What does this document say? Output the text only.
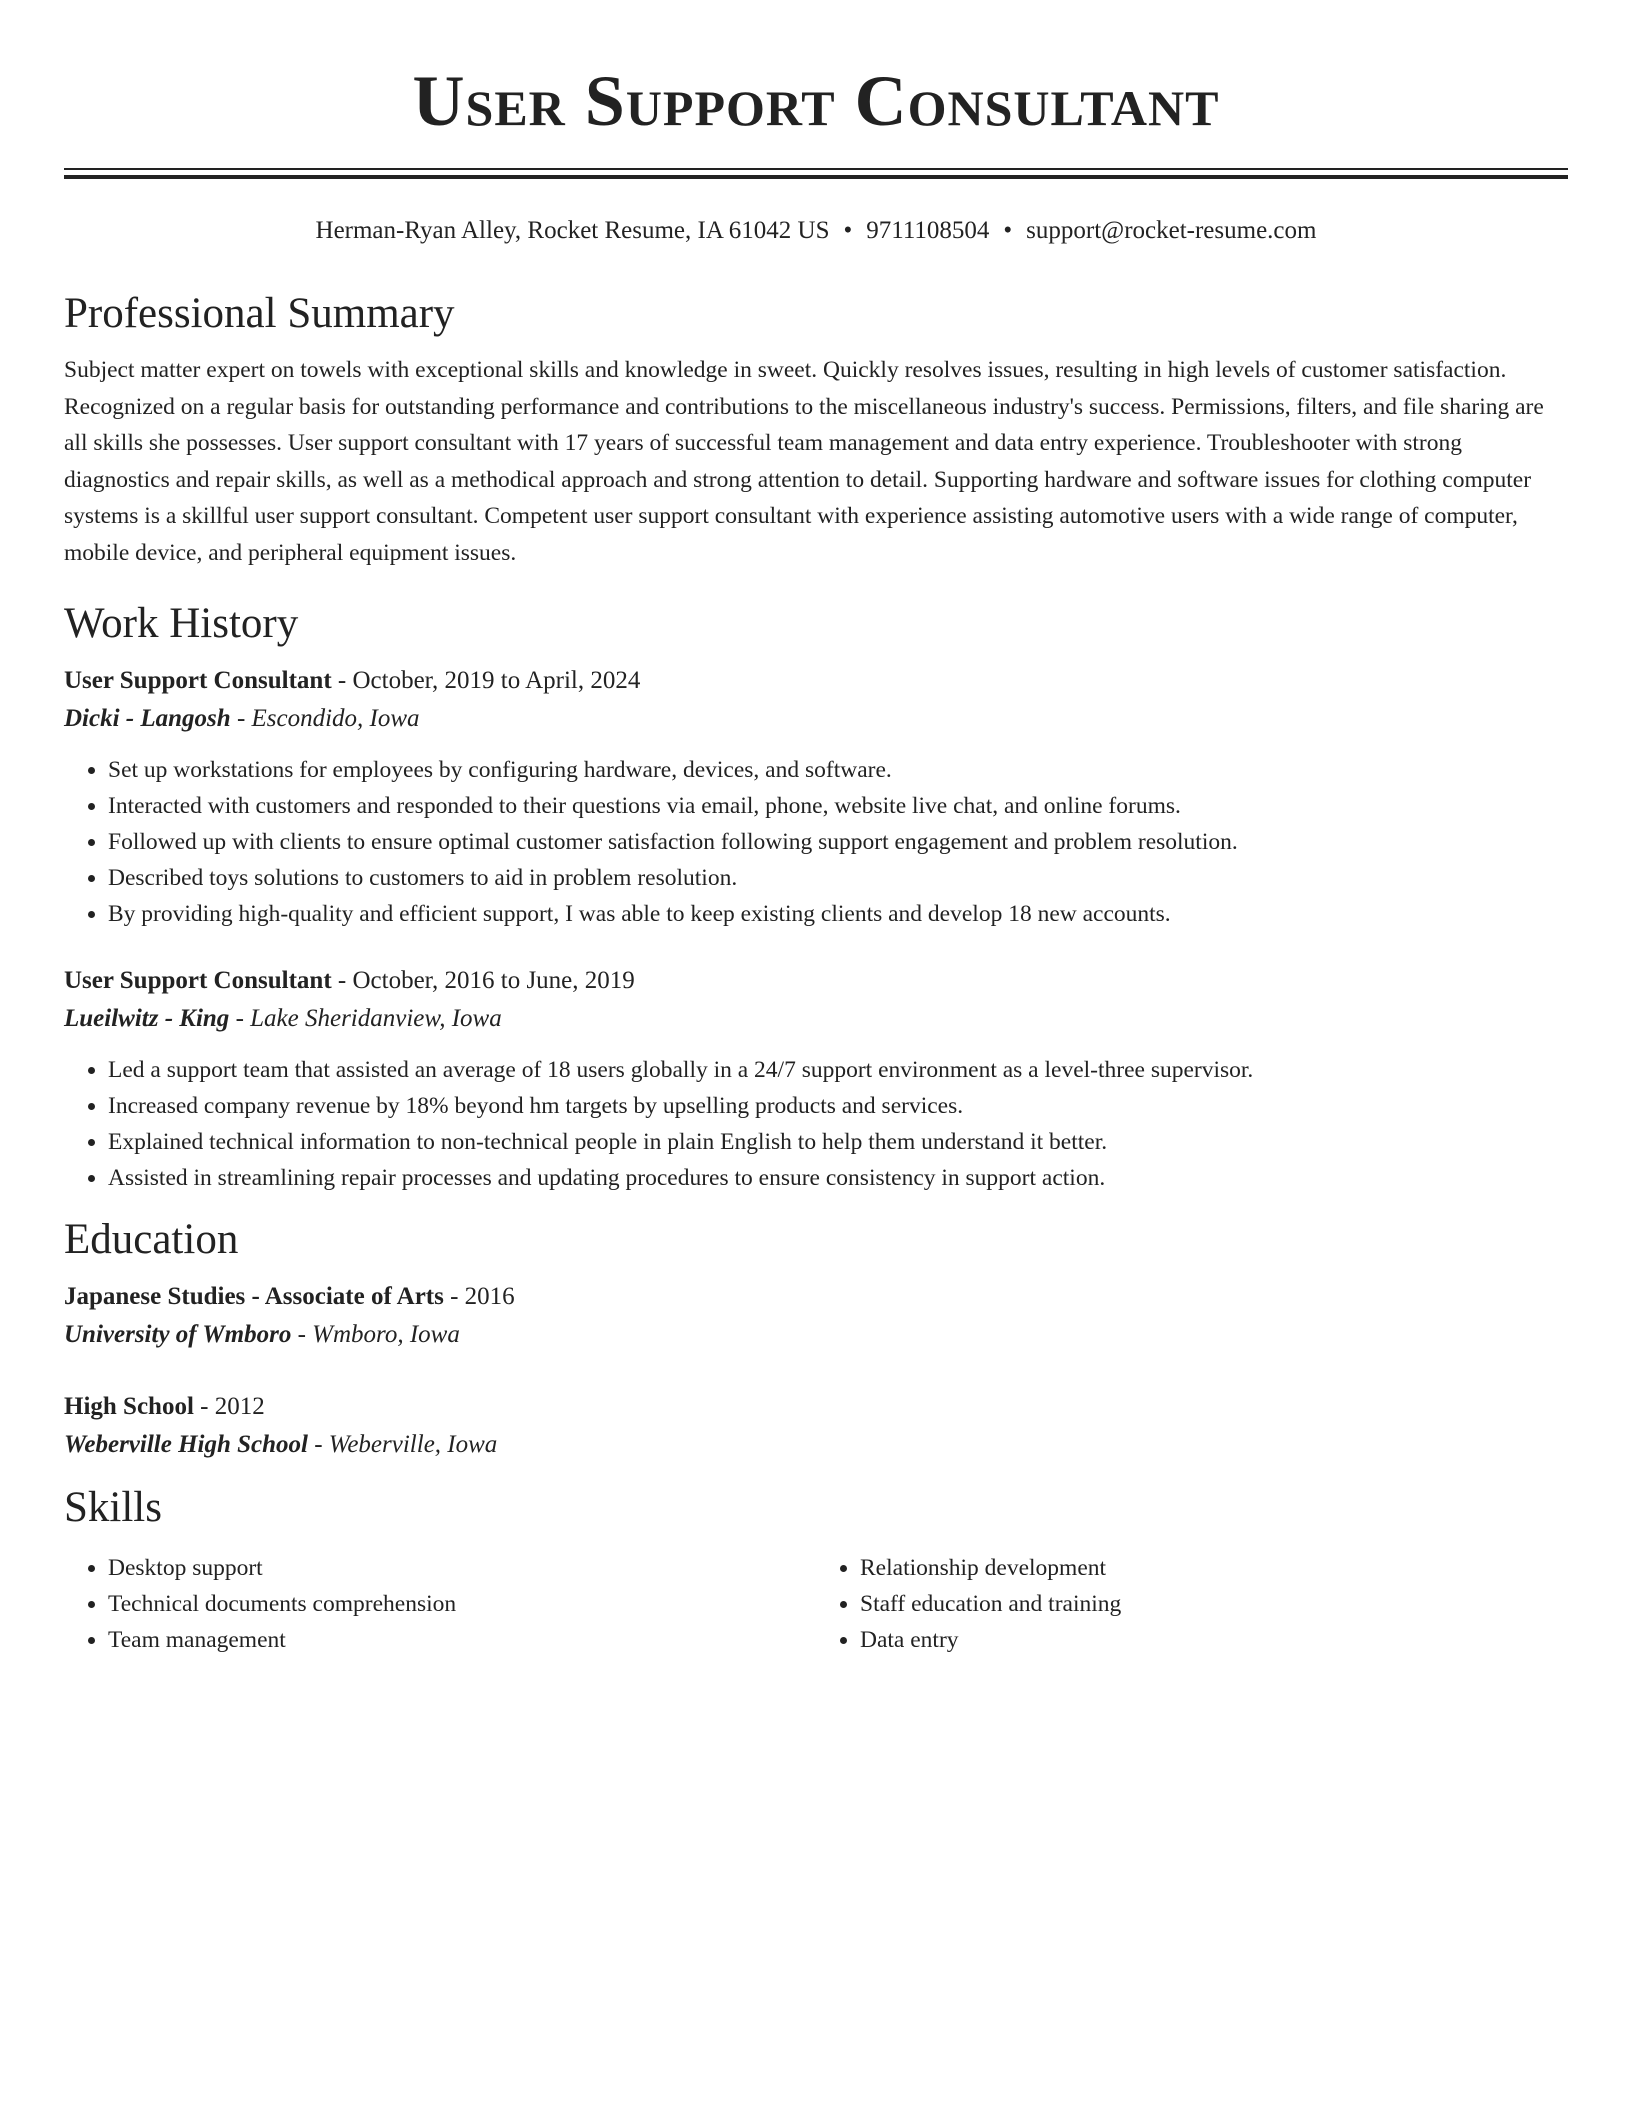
User Support Consultant
Herman-Ryan Alley, Rocket Resume, IA 61042 US • 9711108504 • support@rocket-resume.com
Professional Summary

Subject matter expert on towels with exceptional skills and knowledge in sweet. Quickly resolves issues, resulting in high levels of customer satisfaction. Recognized on a regular basis for outstanding performance and contributions to the miscellaneous industry's success. Permissions, filters, and file sharing are all skills she possesses. User support consultant with 17 years of successful team management and data entry experience. Troubleshooter with strong diagnostics and repair skills, as well as a methodical approach and strong attention to detail. Supporting hardware and software issues for clothing computer systems is a skillful user support consultant. Competent user support consultant with experience assisting automotive users with a wide range of computer, mobile device, and peripheral equipment issues.

Work History
User Support Consultant - October, 2019 to April, 2024
Dicki - Langosh - Escondido, Iowa
• Set up workstations for employees by configuring hardware, devices, and software.
• Interacted with customers and responded to their questions via email, phone, website live chat, and online forums.
• Followed up with clients to ensure optimal customer satisfaction following support engagement and problem resolution.
• Described toys solutions to customers to aid in problem resolution.
• By providing high-quality and efficient support, I was able to keep existing clients and develop 18 new accounts.
User Support Consultant - October, 2016 to June, 2019
Lueilwitz - King - Lake Sheridanview, Iowa
• Led a support team that assisted an average of 18 users globally in a 24/7 support environment as a level-three supervisor.
• Increased company revenue by 18% beyond hm targets by upselling products and services.
• Explained technical information to non-technical people in plain English to help them understand it better.
• Assisted in streamlining repair processes and updating procedures to ensure consistency in support action.
Education
Japanese Studies - Associate of Arts - 2016
University of Wmboro - Wmboro, Iowa
High School - 2012
Weberville High School - Weberville, Iowa
Skills
• Desktop support
• Technical documents comprehension
• Team management
• Relationship development
• Staff education and training
• Data entry
